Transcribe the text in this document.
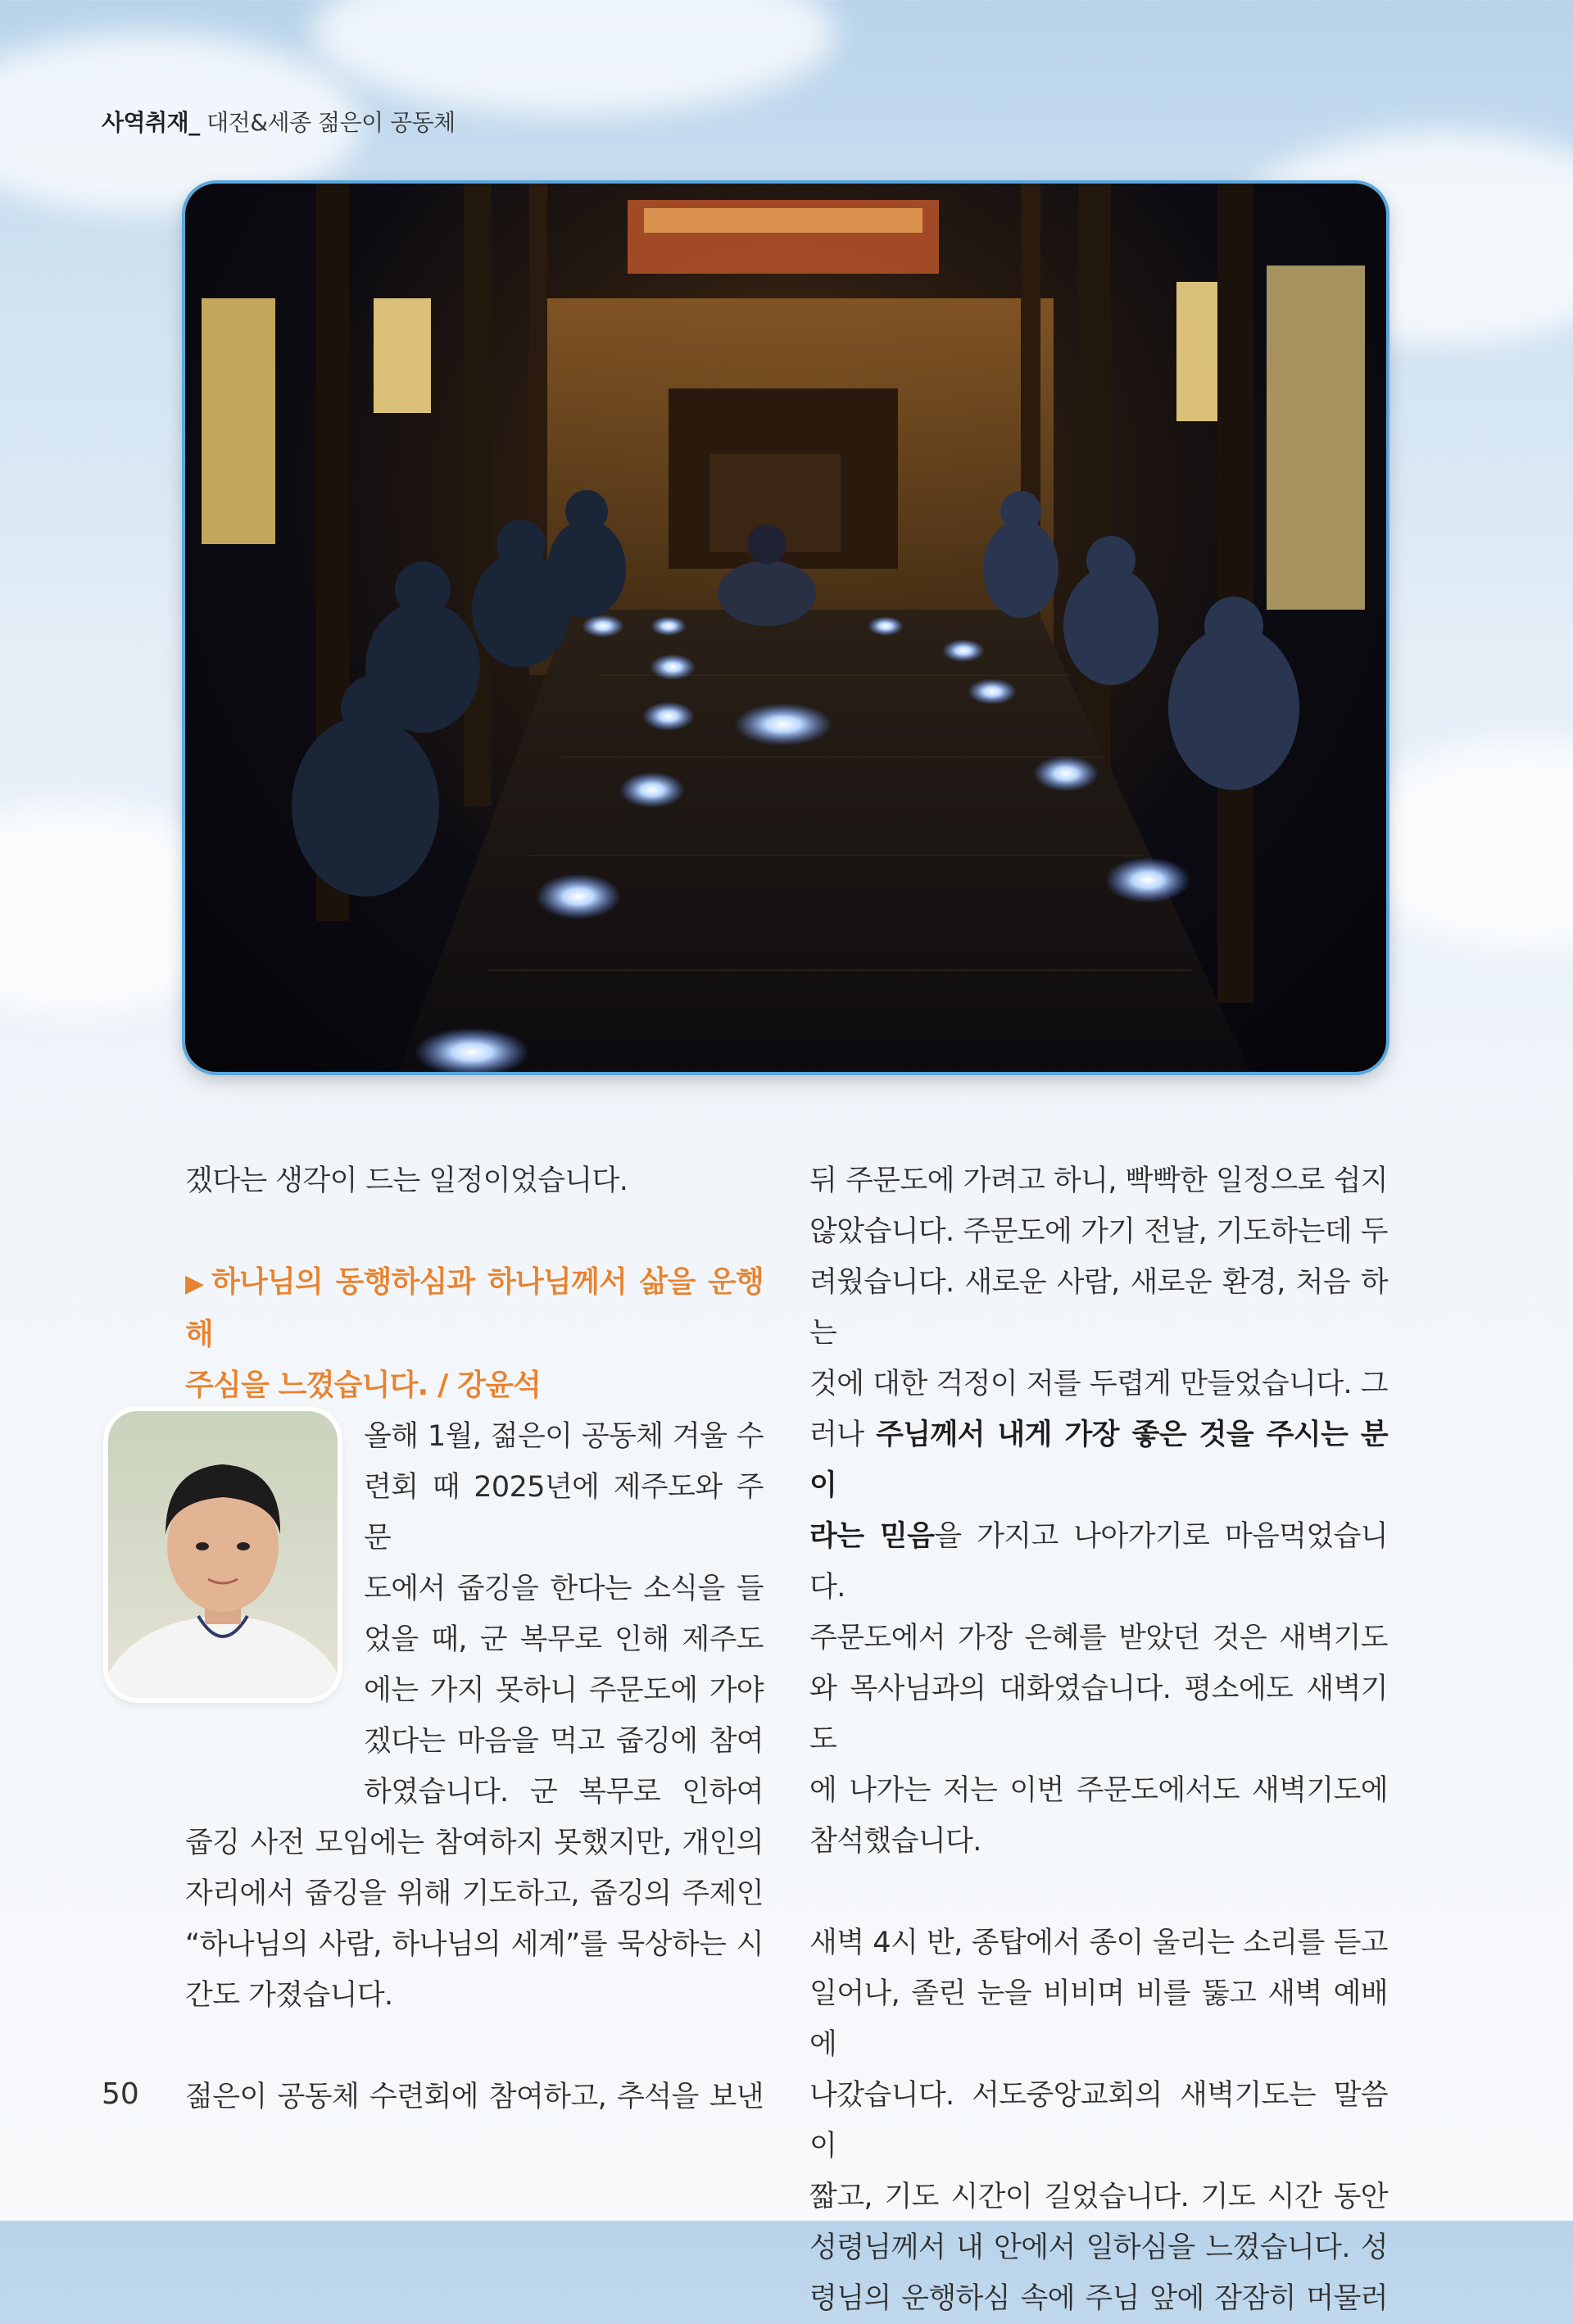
사역취재_ 대전&세종 젊은이 공동체

겠다는 생각이 드는 일정이었습니다.

▶ 하나님의 동행하심과 하나님께서 삶을 운행해

주심을 느꼈습니다. / 강윤석

올해 1월, 젊은이 공동체 겨울 수

련회 때 2025년에 제주도와 주문

도에서 줍깅을 한다는 소식을 들

었을 때, 군 복무로 인해 제주도

에는 가지 못하니 주문도에 가야

겠다는 마음을 먹고 줍깅에 참여

하였습니다. 군 복무로 인하여

줍깅 사전 모임에는 참여하지 못했지만, 개인의

자리에서 줍깅을 위해 기도하고, 줍깅의 주제인

“하나님의 사람, 하나님의 세계”를 묵상하는 시

간도 가졌습니다.

젊은이 공동체 수련회에 참여하고, 추석을 보낸

뒤 주문도에 가려고 하니, 빡빡한 일정으로 쉽지

않았습니다. 주문도에 가기 전날, 기도하는데 두

려웠습니다. 새로운 사람, 새로운 환경, 처음 하는

것에 대한 걱정이 저를 두렵게 만들었습니다. 그

러나 주님께서 내게 가장 좋은 것을 주시는 분이

라는 믿음을 가지고 나아가기로 마음먹었습니다.

주문도에서 가장 은혜를 받았던 것은 새벽기도

와 목사님과의 대화였습니다. 평소에도 새벽기도

에 나가는 저는 이번 주문도에서도 새벽기도에

참석했습니다.

새벽 4시 반, 종탑에서 종이 울리는 소리를 듣고

일어나, 졸린 눈을 비비며 비를 뚫고 새벽 예배에

나갔습니다. 서도중앙교회의 새벽기도는 말씀이

짧고, 기도 시간이 길었습니다. 기도 시간 동안

성령님께서 내 안에서 일하심을 느꼈습니다. 성

령님의 운행하심 속에 주님 앞에 잠잠히 머물러

50
